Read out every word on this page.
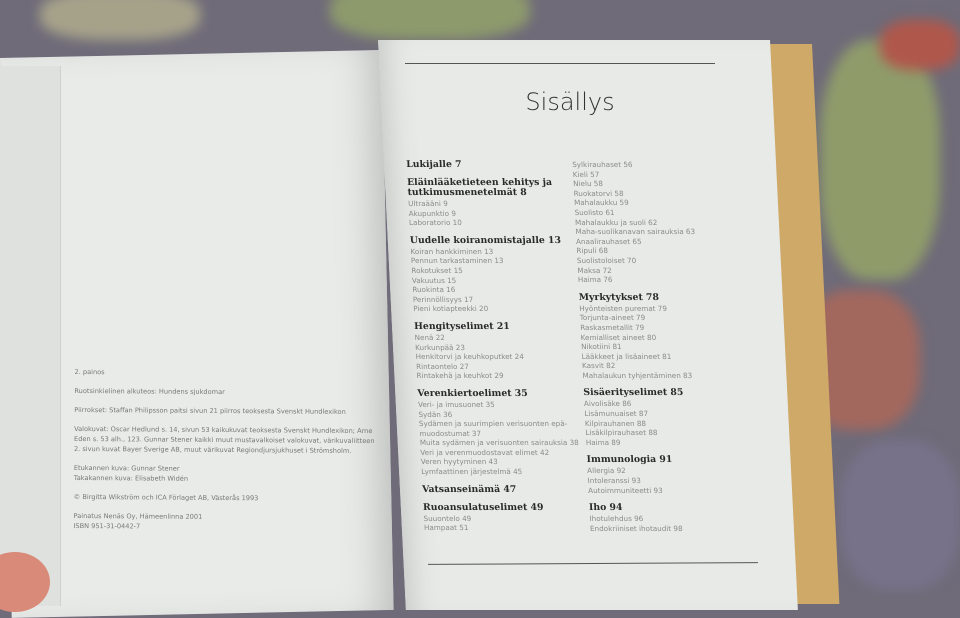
Sisällys
Lukijalle 7
Eläinlääketieteen kehitys ja tutkimusmenetelmät 8
Ultraääni 9
Akupunktio 9
Laboratorio 10
Uudelle koiranomistajalle 13
Koiran hankkiminen 13
Pennun tarkastaminen 13
Rokotukset 15
Vakuutus 15
Ruokinta 16
Perinnöllisyys 17
Pieni kotiapteekki 20
Hengityselimet 21
Nenä 22
Kurkunpää 23
Henkitorvi ja keuhkoputket 24
Rintaontelo 27
Rintakehä ja keuhkot 29
Verenkiertoelimet 35
Veri- ja imusuonet 35
Sydän 36
Sydämen ja suurimpien verisuonten epä-
muodostumat 37
Muita sydämen ja verisuonten sairauksia 38
Veri ja verenmuodostavat elimet 42
Veren hyytyminen 43
Lymfaattinen järjestelmä 45
Vatsanseinämä 47
Ruoansulatuselimet 49
Suuontelo 49
Hampaat 51
Sylkirauhaset 56
Kieli 57
Nielu 58
Ruokatorvi 58
Mahalaukku 59
Suolisto 61
Mahalaukku ja suoli 62
Maha-suolikanavan sairauksia 63
Anaalirauhaset 65
Ripuli 68
Suolistoloiset 70
Maksa 72
Haima 76
Myrkytykset 78
Hyönteisten puremat 79
Torjunta-aineet 79
Raskasmetallit 79
Kemialliset aineet 80
Nikotiini 81
Lääkkeet ja lisäaineet 81
Kasvit 82
Mahalaukun tyhjentäminen 83
Sisäerityselimet 85
Aivolisäke 86
Lisämunuaiset 87
Kilpirauhanen 88
Lisäkilpirauhaset 88
Haima 89
Immunologia 91
Allergia 92
Intoleranssi 93
Autoimmuniteetti 93
Iho 94
Ihotulehdus 96
Endokriiniset ihotaudit 98
2. painos
Ruotsinkielinen alkuteos: Hundens sjukdomar
Piirrokset: Staffan Philipsson paitsi sivun 21 piirros teoksesta Svenskt Hundlexikon
Valokuvat: Oscar Hedlund s. 14, sivun 53 kaikukuvat teoksesta Svenskt Hundlexikon; Arne
Eden s. 53 alh., 123. Gunnar Stener kaikki muut mustavalkoiset valokuvat, värikuvaliitteen
2. sivun kuvat Bayer Sverige AB, muut värikuvat Regiondjursjukhuset i Strömsholm.
Etukannen kuva: Gunnar Stener
Takakannen kuva: Elisabeth Widén
© Birgitta Wikström och ICA Förlaget AB, Västerås 1993
Painatus Nenäs Oy, Hämeenlinna 2001
ISBN 951-31-0442-7
